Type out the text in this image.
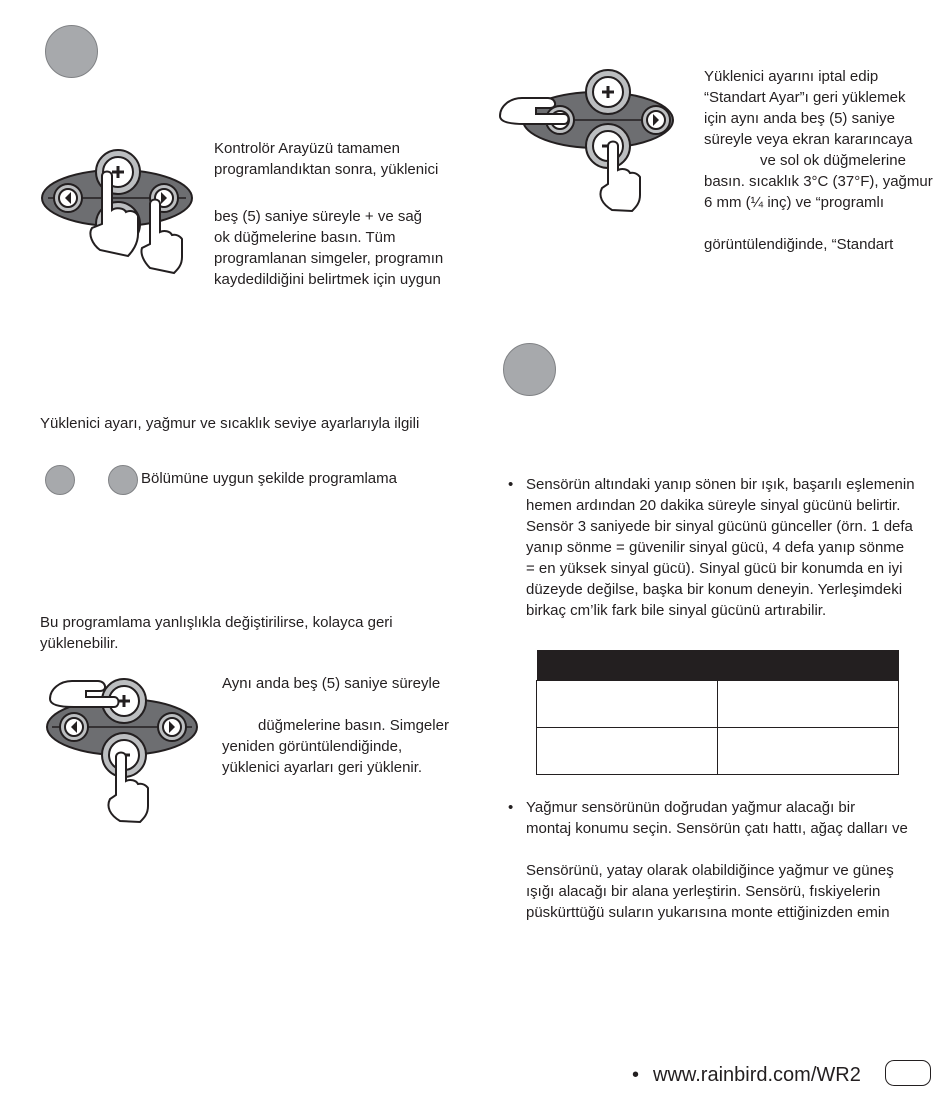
Kontrolör Arayüzü tamamen
programlandıktan sonra, yüklenici
beş (5) saniye süreyle + ve sağ
ok düğmelerine basın. Tüm
programlanan simgeler, programın
kaydedildiğini belirtmek için uygun
Yüklenici ayarı, yağmur ve sıcaklık seviye ayarlarıyla ilgili
Bölümüne uygun şekilde programlama
Bu programlama yanlışlıkla değiştirilirse, kolayca geri
yüklenebilir.
Aynı anda beş (5) saniye süreyle
düğmelerine basın. Simgeler
yeniden görüntülendiğinde,
yüklenici ayarları geri yüklenir.
Yüklenici ayarını iptal edip
“Standart Ayar”ı geri yüklemek
için aynı anda beş (5) saniye
süreyle veya ekran kararıncaya
ve sol ok düğmelerine
basın. sıcaklık 3°C (37°F), yağmur
6 mm (¼ inç) ve “programlı
görüntülendiğinde, “Standart
• Sensörün altındaki yanıp sönen bir ışık, başarılı eşlemenin
hemen ardından 20 dakika süreyle sinyal gücünü belirtir.
Sensör 3 saniyede bir sinyal gücünü günceller (örn. 1 defa
yanıp sönme = güvenilir sinyal gücü, 4 defa yanıp sönme
= en yüksek sinyal gücü). Sinyal gücü bir konumda en iyi
düzeyde değilse, başka bir konum deneyin. Yerleşimdeki
birkaç cm’lik fark bile sinyal gücünü artırabilir.

• Yağmur sensörünün doğrudan yağmur alacağı bir
montaj konumu seçin. Sensörün çatı hattı, ağaç dalları ve
Sensörünü, yatay olarak olabildiğince yağmur ve güneş
ışığı alacağı bir alana yerleştirin. Sensörü, fıskiyelerin
püskürttüğü suların yukarısına monte ettiğinizden emin
• www.rainbird.com/WR2
